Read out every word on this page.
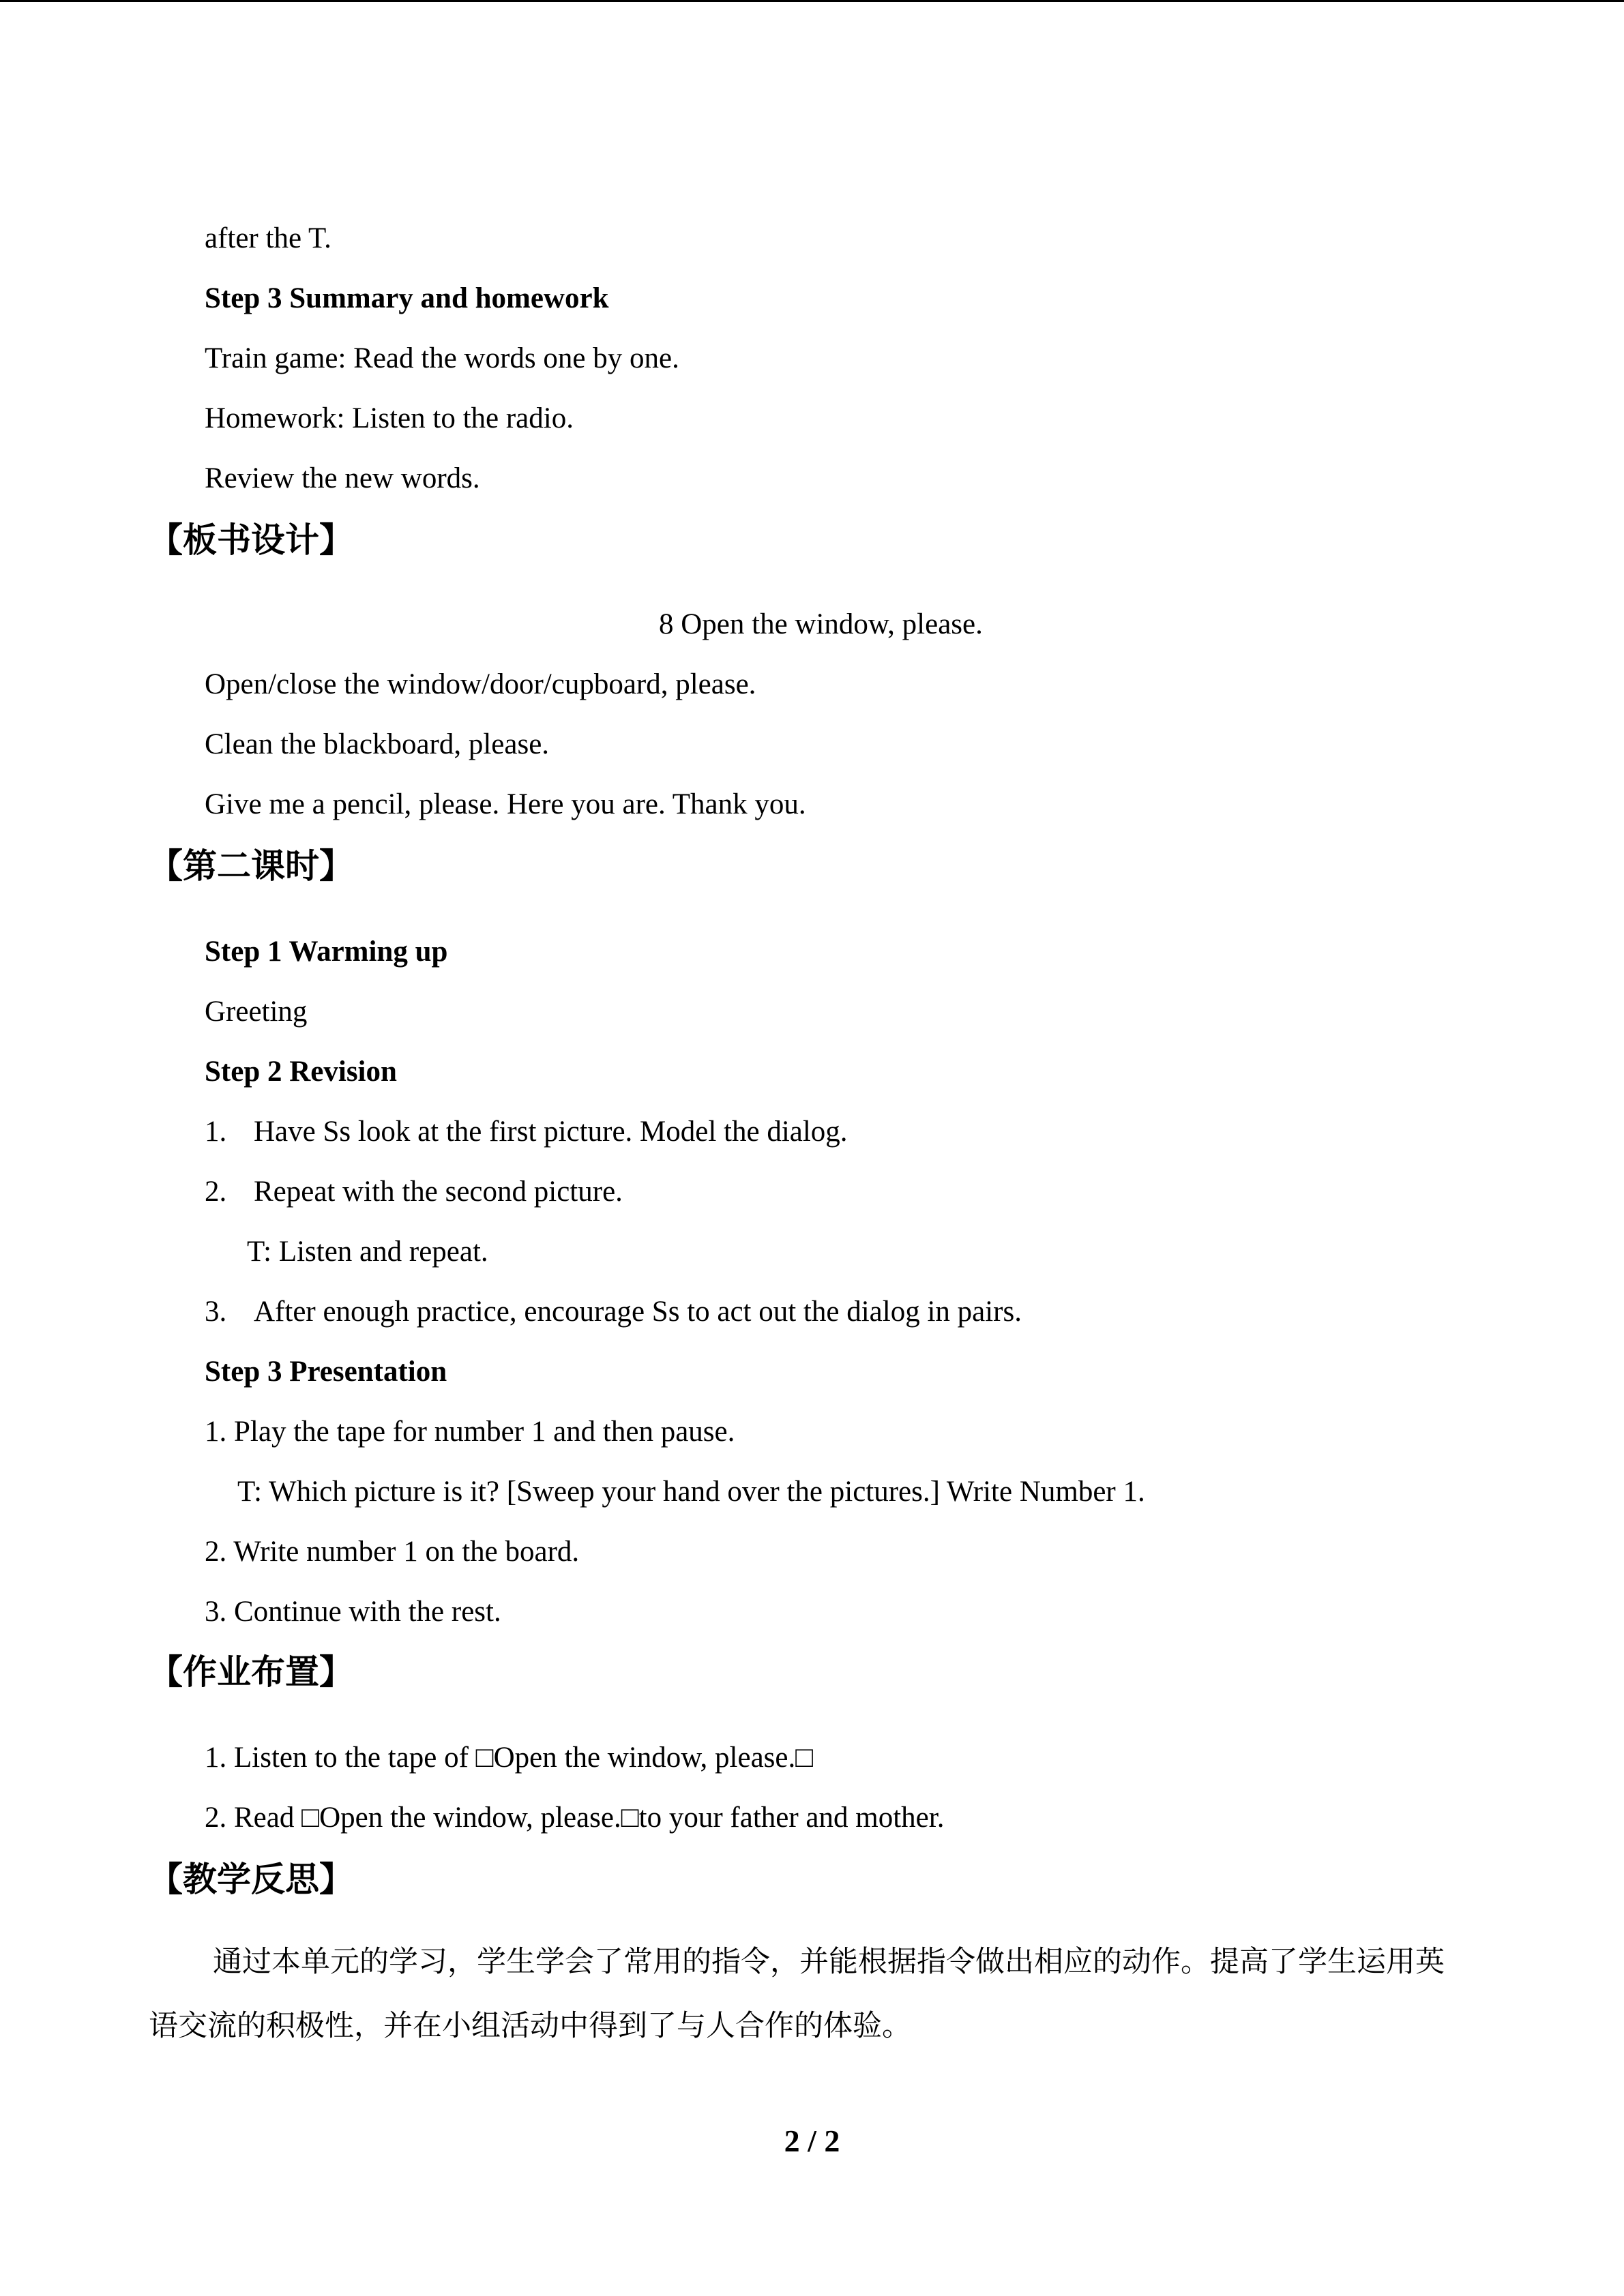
after the T.
Step 3 Summary and homework
Train game: Read the words one by one.
Homework: Listen to the radio.
Review the new words.
【板书设计】
8 Open the window, please.
Open/close the window/door/cupboard, please.
Clean the blackboard, please.
Give me a pencil, please. Here you are. Thank you.
【第二课时】
Step 1 Warming up
Greeting
Step 2 Revision
1. Have Ss look at the first picture. Model the dialog.
2. Repeat with the second picture.
T: Listen and repeat.
3. After enough practice, encourage Ss to act out the dialog in pairs.
Step 3 Presentation
1. Play the tape for number 1 and then pause.
T: Which picture is it? [Sweep your hand over the pictures.] Write Number 1.
2. Write number 1 on the board.
3. Continue with the rest.
【作业布置】
1. Listen to the tape of □Open the window, please.□
2. Read □Open the window, please.□to your father and mother.
【教学反思】

通过本单元的学习，学生学会了常用的指令，并能根据指令做出相应的动作。提高了学生运用英语交流的积极性，并在小组活动中得到了与人合作的体验。

2 / 2
